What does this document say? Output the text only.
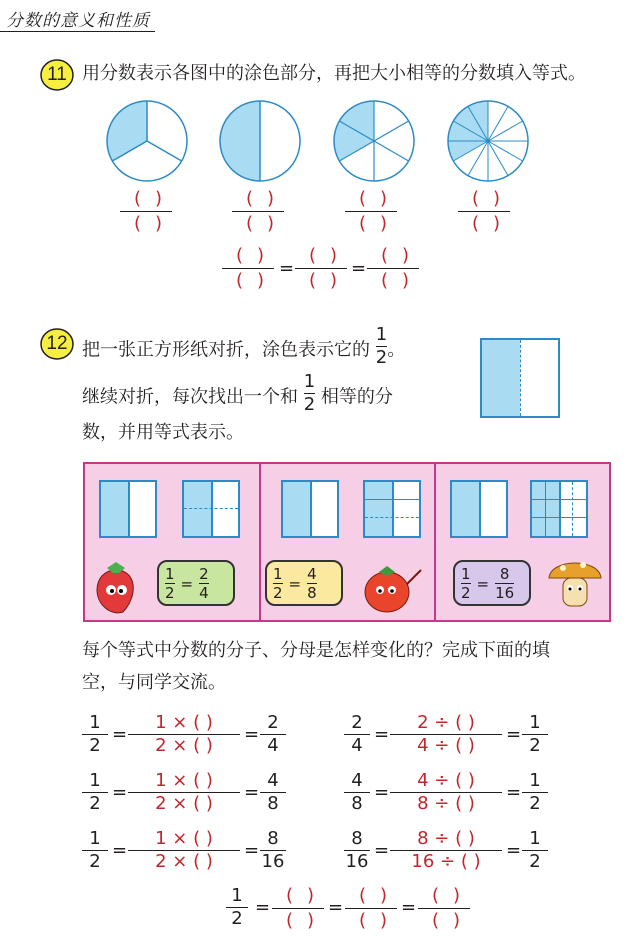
分数的意义和性质
11 用分数表示各图中的涂色部分，再把大小相等的分数填入等式。
()
()
()
()
()
()
()
()
()
()
=
()
()
=
()
()
12 把一张正方形纸对折，涂色表示它的 $\frac{1}{2}$ 。
继续对折，每次找出一个和 $\frac{1}{2}$ 相等的分
数，并用等式表示。
$\frac{1}{2} = \frac{2}{4}$	$\frac{1}{2} = \frac{4}{8}$	$\frac{1}{2} = \frac{8}{16}$
每个等式中分数的分子、分母是怎样变化的？完成下面的填
空，与同学交流。
1
2
=
1 × ( )
2 × ( )
=
2
4
1
2
=
1 × ( )
2 × ( )
=
4
8
1
2
=
1 × ( )
2 × ( )
=
8
16
2
4
=
2 ÷ ( )
4 ÷ ( )
=
1
2
4
8
=
4 ÷ ( )
8 ÷ ( )
=
1
2
8
16
=
8 ÷ ( )
16 ÷ ( )
=
1
2
1
2
=
()
()
=
()
()
=
()
()
